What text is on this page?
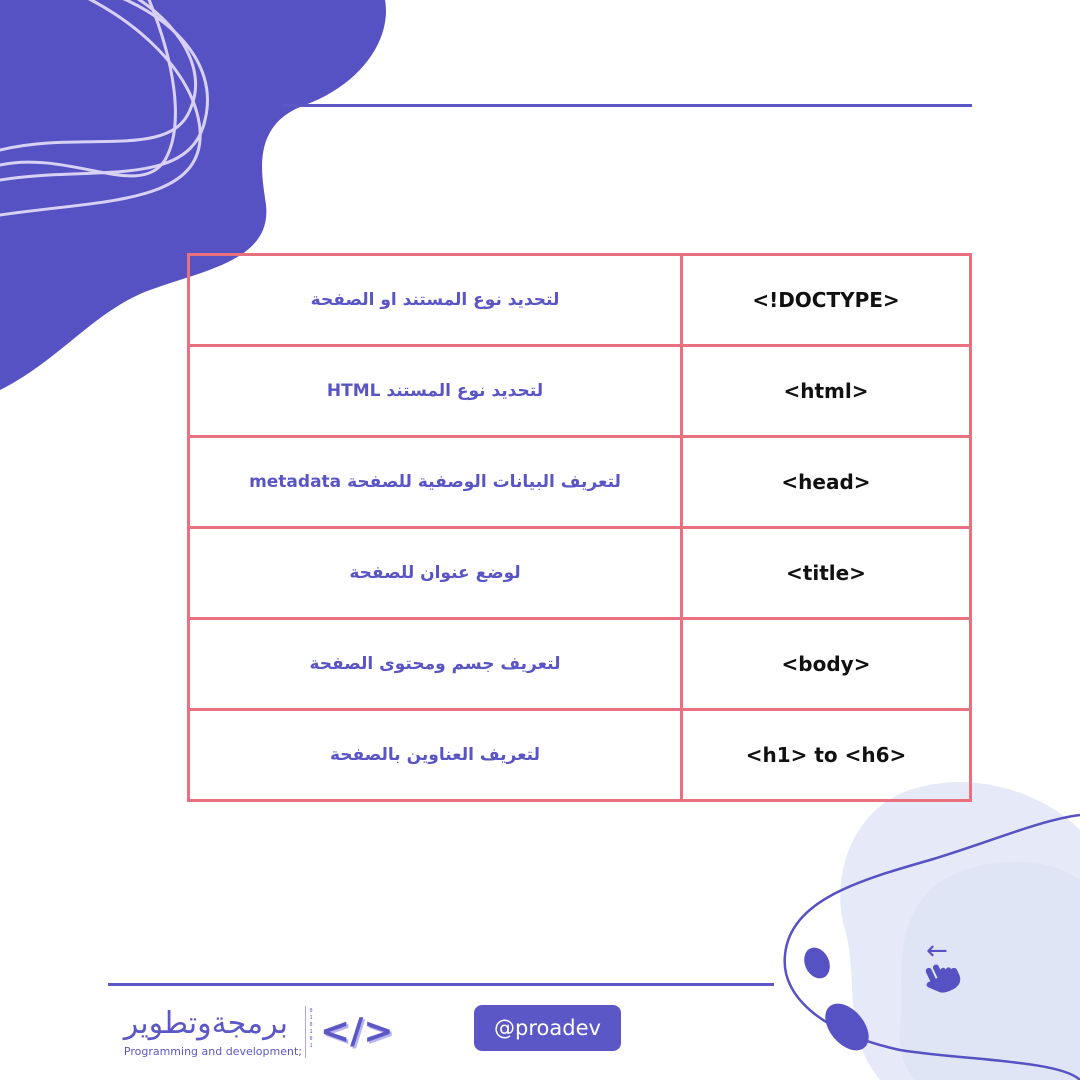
←
لتحديد نوع المستند او الصفحة	<!DOCTYPE>
لتحديد نوع المستند HTML	<html>
لتعريف البيانات الوصفية للصفحة metadata	<head>
لوضع عنوان للصفحة	<title>
لتعريف جسم ومحتوى الصفحة	<body>
لتعريف العناوين بالصفحة	<h1> to <h6>
برمجةوتطوير
Programming and development;
0
1
0
1
0
1 </>	@proadev
